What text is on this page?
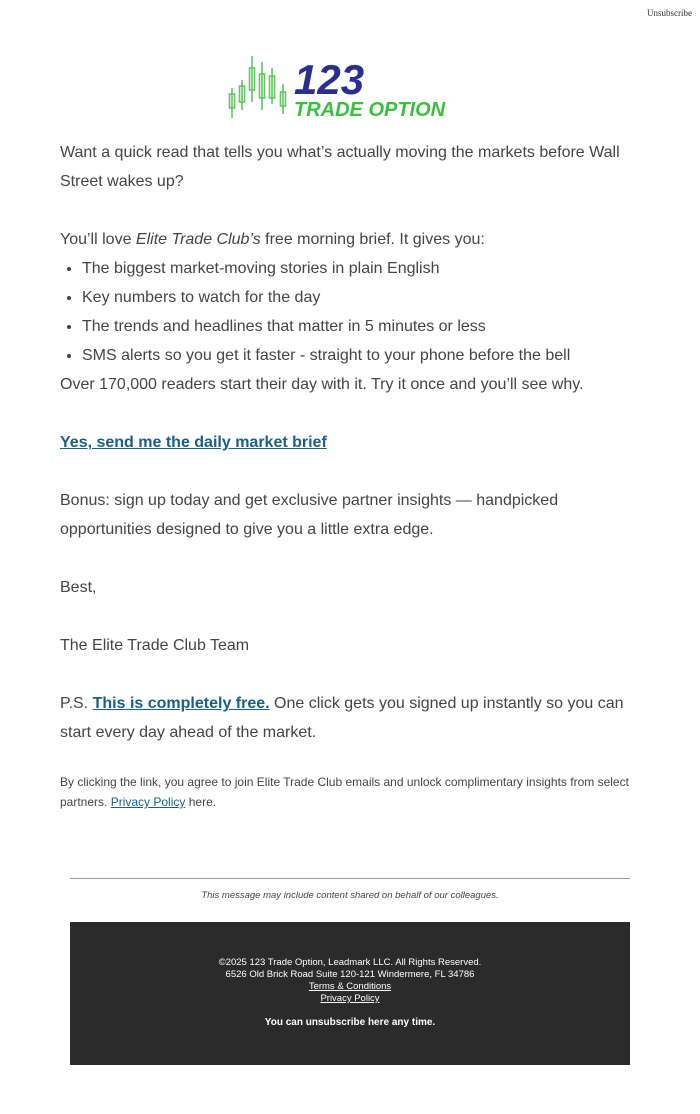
Unsubscribe
123
TRADE OPTION

Want a quick read that tells you what’s actually moving the markets before Wall Street wakes up?

You’ll love Elite Trade Club’s free morning brief. It gives you:

• The biggest market-moving stories in plain English
• Key numbers to watch for the day
• The trends and headlines that matter in 5 minutes or less
• SMS alerts so you get it faster - straight to your phone before the bell

Over 170,000 readers start their day with it. Try it once and you’ll see why.

Yes, send me the daily market brief

Bonus: sign up today and get exclusive partner insights — handpicked opportunities designed to give you a little extra edge.

Best,

The Elite Trade Club Team

P.S. This is completely free. One click gets you signed up instantly so you can start every day ahead of the market.

By clicking the link, you agree to join Elite Trade Club emails and unlock complimentary insights from select partners. Privacy Policy here.
This message may include content shared on behalf of our colleagues.
©2025 123 Trade Option, Leadmark LLC. All Rights Reserved.
6526 Old Brick Road Suite 120-121 Windermere, FL 34786
Terms & Conditions
Privacy Policy
You can unsubscribe here any time.
